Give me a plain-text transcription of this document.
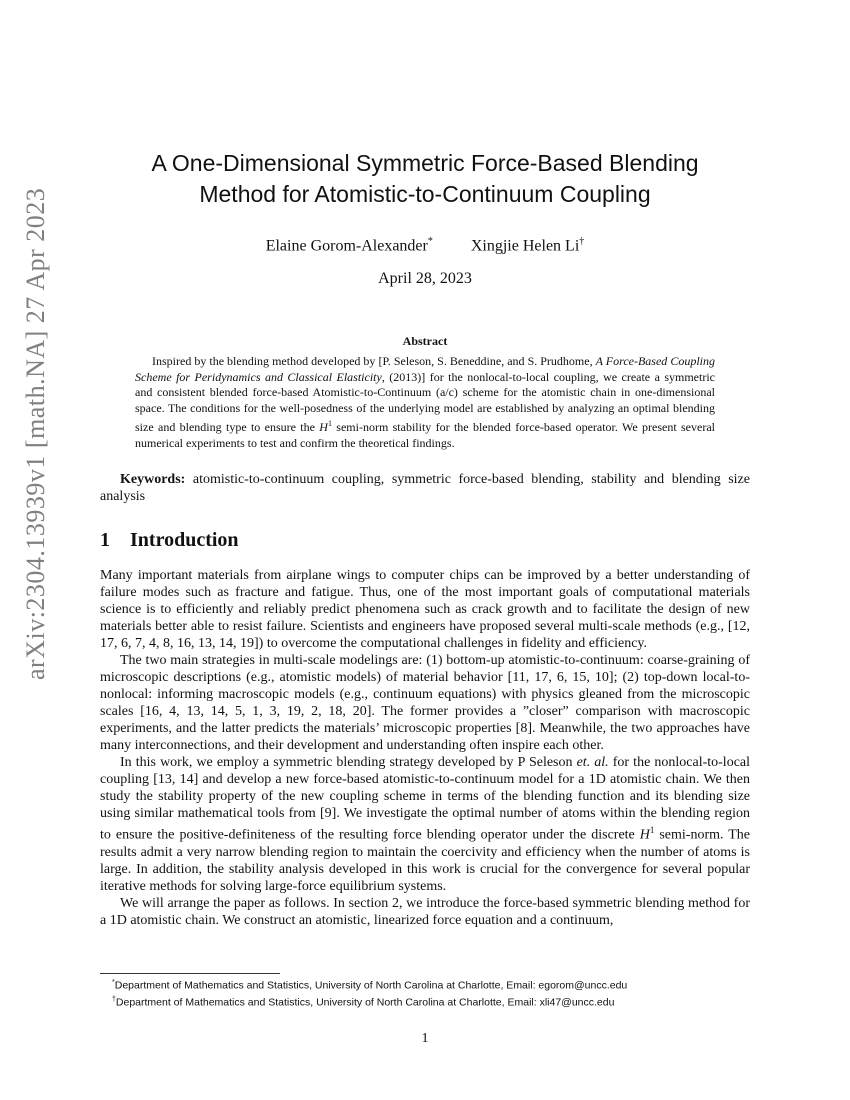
arXiv:2304.13939v1 [math.NA] 27 Apr 2023
A One-Dimensional Symmetric Force-Based Blending
Method for Atomistic-to-Continuum Coupling
Elaine Gorom-Alexander* Xingjie Helen Li†
April 28, 2023
Abstract
Inspired by the blending method developed by [P. Seleson, S. Beneddine, and S. Prudhome, A Force-Based Coupling Scheme for Peridynamics and Classical Elasticity, (2013)] for the nonlocal-to-local coupling, we create a symmetric and consistent blended force-based Atomistic-to-Continuum (a/c) scheme for the atomistic chain in one-dimensional space. The conditions for the well-posedness of the underlying model are established by analyzing an optimal blending size and blending type to ensure the $H^1$ semi-norm stability for the blended force-based operator. We present several numerical experiments to test and confirm the theoretical findings.
Keywords: atomistic-to-continuum coupling, symmetric force-based blending, stability and blending size analysis
1 Introduction

Many important materials from airplane wings to computer chips can be improved by a better understanding of failure modes such as fracture and fatigue. Thus, one of the most important goals of computational materials science is to efficiently and reliably predict phenomena such as crack growth and to facilitate the design of new materials better able to resist failure. Scientists and engineers have proposed several multi-scale methods (e.g., [12, 17, 6, 7, 4, 8, 16, 13, 14, 19]) to overcome the computational challenges in fidelity and efficiency.

The two main strategies in multi-scale modelings are: (1) bottom-up atomistic-to-continuum: coarse-graining of microscopic descriptions (e.g., atomistic models) of material behavior [11, 17, 6, 15, 10]; (2) top-down local-to-nonlocal: informing macroscopic models (e.g., continuum equations) with physics gleaned from the microscopic scales [16, 4, 13, 14, 5, 1, 3, 19, 2, 18, 20]. The former provides a ”closer” comparison with macroscopic experiments, and the latter predicts the materials’ microscopic properties [8]. Meanwhile, the two approaches have many interconnections, and their development and understanding often inspire each other.

In this work, we employ a symmetric blending strategy developed by P Seleson et. al. for the nonlocal-to-local coupling [13, 14] and develop a new force-based atomistic-to-continuum model for a 1D atomistic chain. We then study the stability property of the new coupling scheme in terms of the blending function and its blending size using similar mathematical tools from [9]. We investigate the optimal number of atoms within the blending region to ensure the positive-definiteness of the resulting force blending operator under the discrete $H^1$ semi-norm. The results admit a very narrow blending region to maintain the coercivity and efficiency when the number of atoms is large. In addition, the stability analysis developed in this work is crucial for the convergence for several popular iterative methods for solving large-force equilibrium systems.

We will arrange the paper as follows. In section 2, we introduce the force-based symmetric blending method for a 1D atomistic chain. We construct an atomistic, linearized force equation and a continuum,

*Department of Mathematics and Statistics, University of North Carolina at Charlotte, Email: egorom@uncc.edu
†Department of Mathematics and Statistics, University of North Carolina at Charlotte, Email: xli47@uncc.edu
1
